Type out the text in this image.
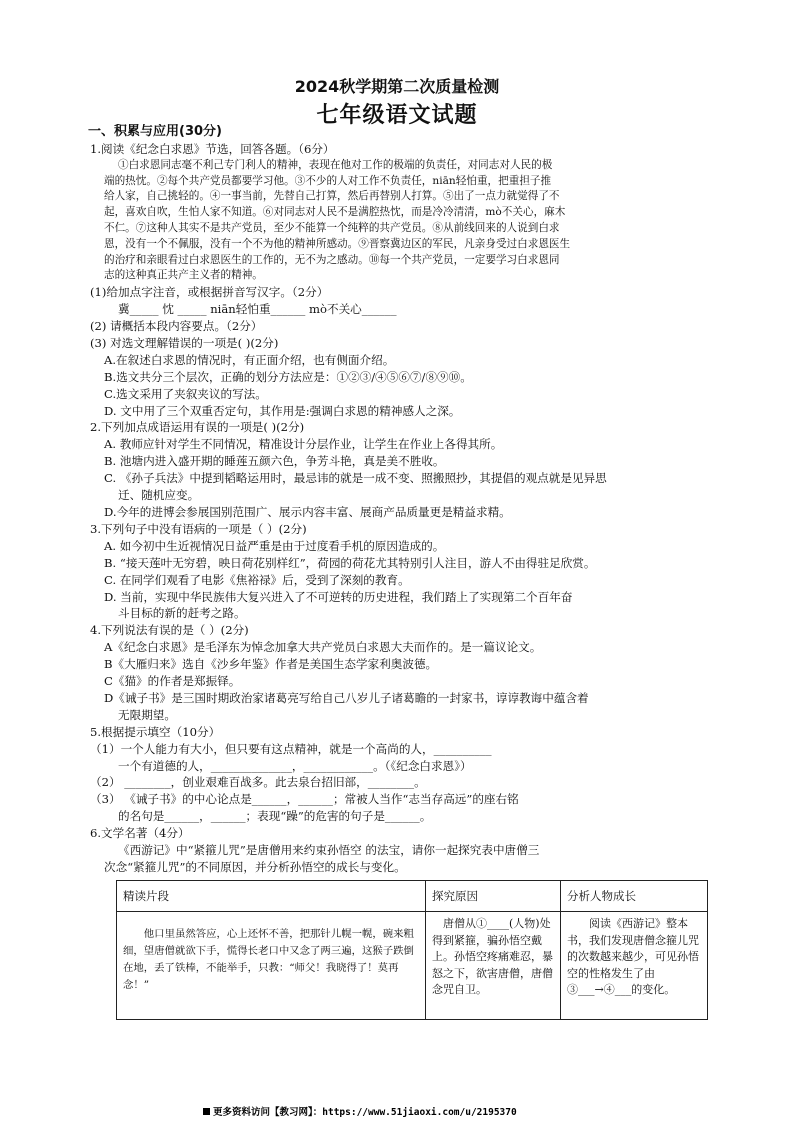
2024秋学期第二次质量检测
七年级语文试题
一、积累与应用(30分)
1.阅读《纪念白求恩》节选，回答各题。（6分）
①白求恩同志毫不利己专门利人的精神，表现在他对工作的极端的负责任，对同志对人民的极
端的热忱。②每个共产党员都要学习他。③不少的人对工作不负责任，niān轻怕重，把重担子推
给人家，自己挑轻的。④一事当前，先替自己打算，然后再替别人打算。⑤出了一点力就觉得了不
起，喜欢自吹，生怕人家不知道。⑥对同志对人民不是满腔热忱，而是冷冷清清，mò不关心，麻木
不仁。⑦这种人其实不是共产党员，至少不能算一个纯粹的共产党员。⑧从前线回来的人说到白求
恩，没有一个不佩服，没有一个不为他的精神所感动。⑨晋察冀边区的军民，凡亲身受过白求恩医生
的治疗和亲眼看过白求恩医生的工作的，无不为之感动。⑩每一个共产党员，一定要学习白求恩同
志的这种真正共产主义者的精神。
(1)给加点字注音，或根据拼音写汉字。（2分）
冀_____ 忱 _____ niān轻怕重______ mò不关心______
(2) 请概括本段内容要点。（2分）
(3) 对选文理解错误的一项是( )(2分)
A.在叙述白求恩的情况时，有正面介绍，也有侧面介绍。
B.选文共分三个层次，正确的划分方法应是：①②③/④⑤⑥⑦/⑧⑨⑩。
C.选文采用了夹叙夹议的写法。
D. 文中用了三个双重否定句，其作用是:强调白求恩的精神感人之深。
2.下列加点成语运用有误的一项是( )(2分)
A. 教师应针对学生不同情况，精准设计分层作业，让学生在作业上各得其所。
B. 池塘内进入盛开期的睡莲五颜六色，争芳斗艳，真是美不胜收。
C. 《孙子兵法》中提到韬略运用时，最忌讳的就是一成不变、照搬照抄，其提倡的观点就是见异思
迁、随机应变。
D.今年的进博会参展国别范围广、展示内容丰富、展商产品质量更是精益求精。
3.下列句子中没有语病的一项是（ ）(2分)
A. 如今初中生近视情况日益严重是由于过度看手机的原因造成的。
B. “接天莲叶无穷碧，映日荷花别样红”，荷园的荷花尤其特别引人注目，游人不由得驻足欣赏。
C. 在同学们观看了电影《焦裕禄》后，受到了深刻的教育。
D. 当前，实现中华民族伟大复兴进入了不可逆转的历史进程，我们踏上了实现第二个百年奋
斗目标的新的赶考之路。
4.下列说法有误的是（ ）(2分)
A《纪念白求恩》是毛泽东为悼念加拿大共产党员白求恩大夫而作的。是一篇议论文。
B《大雁归来》选自《沙乡年鉴》作者是美国生态学家利奥波德。
C《猫》的作者是郑振铎。
D《诫子书》是三国时期政治家诸葛亮写给自己八岁儿子诸葛瞻的一封家书，谆谆教诲中蕴含着
无限期望。
5.根据提示填空（10分）
（1）一个人能力有大小，但只要有这点精神，就是一个高尚的人，__________
一个有道德的人，______________，____________。（《纪念白求恩》）
（2） ________，创业艰难百战多。此去泉台招旧部，________。
（3） 《诫子书》的中心论点是______，______；常被人当作“志当存高远”的座右铭
的名句是______，______；表现“躁”的危害的句子是______。
6.文学名著（4分）
《西游记》中“紧箍儿咒”是唐僧用来约束孙悟空 的法宝，请你一起探究表中唐僧三
次念“紧箍儿咒”的不同原因，并分析孙悟空的成长与变化。
精读片段	探究原因	分析人物成长
他口里虽然答应，心上还怀不善，把那针儿幌一幌，碗来粗细，望唐僧就欲下手，慌得长老口中又念了两三遍，这猴子跌倒在地，丢了铁棒，不能举手，只教：“师父！我晓得了！莫再念！”	唐僧从①____(人物)处得到紧箍，骗孙悟空戴上。孙悟空疼痛难忍，暴怒之下，欲害唐僧，唐僧念咒自卫。	阅读《西游记》整本书，我们发现唐僧念箍儿咒的次数越来越少，可见孙悟空的性格发生了由③___→④___的变化。
更多资料访问【教习网】：https://www.51jiaoxi.com/u/2195370
